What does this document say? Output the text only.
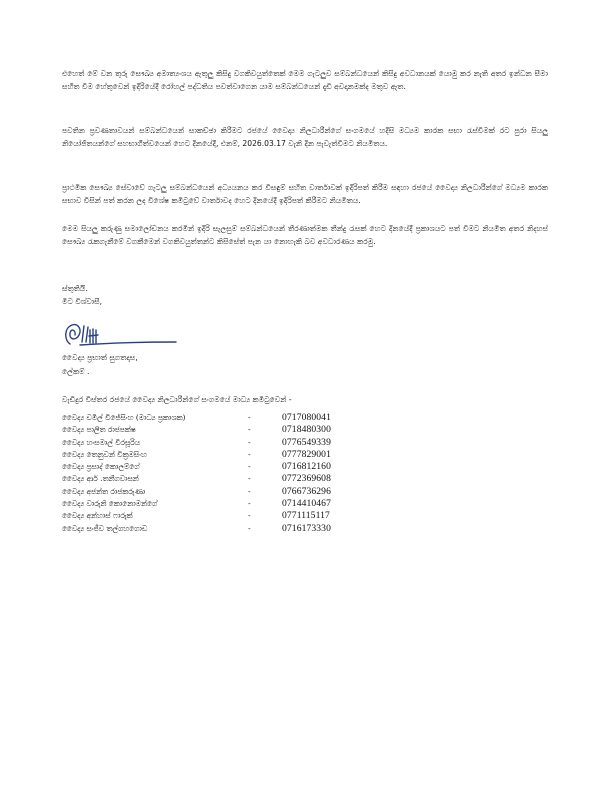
එහෙත් මේ වන තුරු සෞඛ්‍ය අමාත්‍යංශය ඇතුලු කිසිදු වගකිවයුත්තෙක් මෙම ගැටලුව සම්බන්ධයෙන් කිසිදු අවධානයක් යොමු කර නැති අතර ඉන්ධන සීමා සහිත වීම හේතුවෙන් ඉදිරියේදී රෝහල් පද්ධතිය පවත්වාගෙන යාම සම්බන්ධයෙන් දැඩි අවදානමක්ද මතුව ඇත.

පවතින ප්‍රවණතාවයන් සම්බන්ධයෙන් සාකච්ඡා කිරීමට රජයේ වෛද්‍ය නිලධාරීන්ගේ සංගමයේ හදිසි මධ්‍යම කාරක සභා රැස්වීමක් රට පුරා සියලු නියෝජිතයන්ගේ සහභාගීත්වයෙන් හෙට දිනයේදී, එනම්, 2026.03.17 වැනි දින පැවැත්වීමට නියමිතය.

ප්‍රාථමික සෞඛ්‍ය සේවාවේ ගැටලු සම්බන්ධයෙන් අධ්‍යයනය කර විසඳුම් සහිත වාර්තාවක් ඉදිරිපත් කිරීම සඳහා රජයේ වෛද්‍ය නිලධාරීන්ගේ මධ්‍යම කාරක සභාව විසින් පත් කරන ලද විශේෂ කමිටුවේ වාර්තාවද හෙට දිනයේදී ඉදිරිපත් කිරීමට නියමිතය.

මෙම සියලු කරුණු සමාලෝචනය කරමින් ඉදිරි සැලසුම් සම්බන්ධයෙන් තීරණාත්මක තීන්දු රැසක් හෙට දිනයේදී ප්‍රකාශයට පත් වීමට නියමිත අතර නිදහස් සෞඛ්‍ය රැකගැනීමේ වගකීමෙන් වගකිවයුත්තන්ට කිසිසේත් පැන යා නොහැකි බව අවධාරණය කරමු.

ස්තුතියි.
මීට විශ්වාසී,
වෛද්‍ය ප්‍රභාත් සුගතදාස,
ලේකම් .
වැඩිදුර විස්තර රජයේ වෛද්‍ය නිලධාරීන්ගේ සංගමයේ මාධ්‍ය කමිටුවෙන් -
වෛද්‍ය චමිල් විජේසිංහ (මාධ්‍ය ප්‍රකාශක)	-	0717080041
වෛද්‍ය පාලිත රාජපක්ෂ	-	0718480300
වෛද්‍ය හංසමාල් වීරසූරිය	-	0776549339
වෛද්‍ය තෙනුවන් වික්‍රමසිංහ	-	0777829001
වෛද්‍ය ප්‍රසාද් කොලම්ගේ	-	0716812160
වෛද්‍ය ආර් .තනීගවාසන්	-	0772369608
වෛද්‍ය අජන්ත රාජකරුණා	-	0766736296
වෛද්‍ය වාරුනි කොනොමන්ගේ	-	0714410467
වෛද්‍ය අන්හාස් ෆාරුක්	-	0771115117
වෛද්‍ය සංජීව තල්ගහගොඩ	-	0716173330
